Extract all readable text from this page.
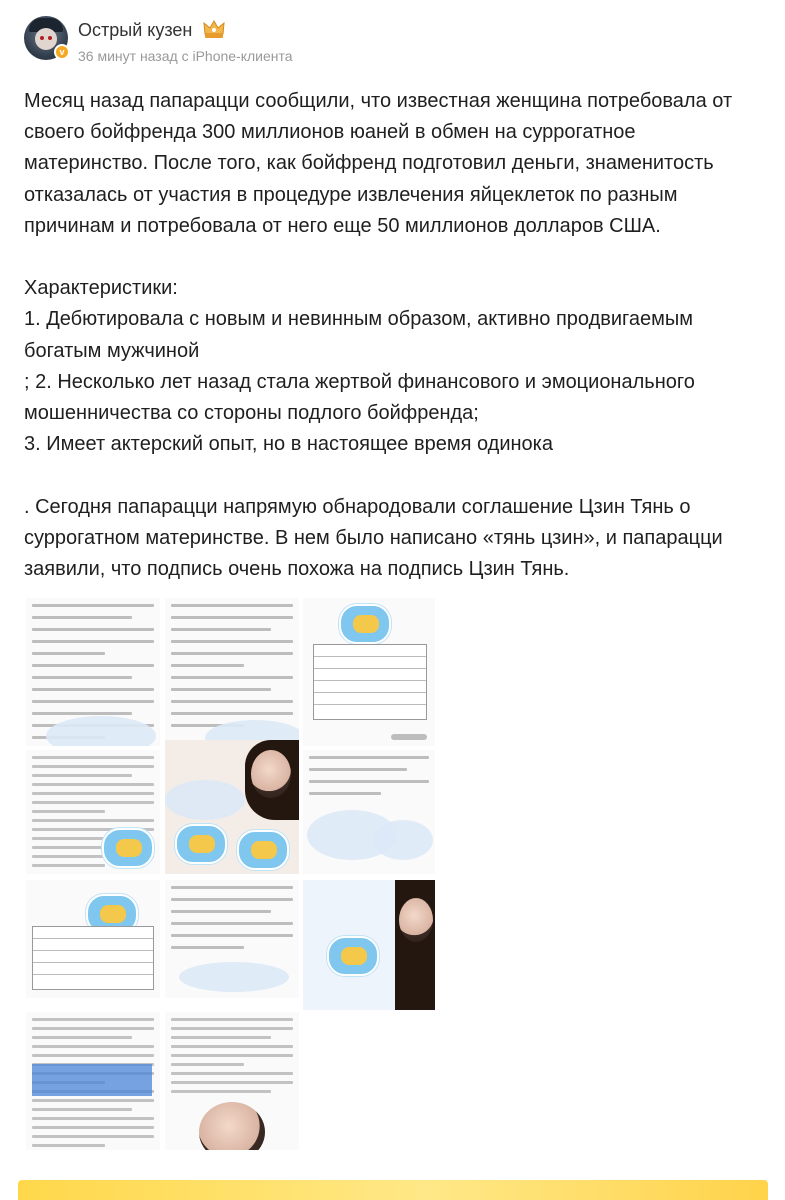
v
Острый кузен
36 минут назад с iPhone-клиента
Месяц назад папарацци сообщили, что известная женщина потребовала от своего бойфренда 300 миллионов юаней в обмен на суррогатное материнство. После того, как бойфренд подготовил деньги, знаменитость отказалась от участия в процедуре извлечения яйцеклеток по разным причинам и потребовала от него еще 50 миллионов долларов США.

Характеристики:
1. Дебютировала с новым и невинным образом, активно продвигаемым богатым мужчиной
; 2. Несколько лет назад стала жертвой финансового и эмоционального мошенничества со стороны подлого бойфренда;
3. Имеет актерский опыт, но в настоящее время одинока

. Сегодня папарацци напрямую обнародовали соглашение Цзин Тянь о суррогатном материнстве. В нем было написано «тянь цзин», и папарацци заявили, что подпись очень похожа на подпись Цзин Тянь.
